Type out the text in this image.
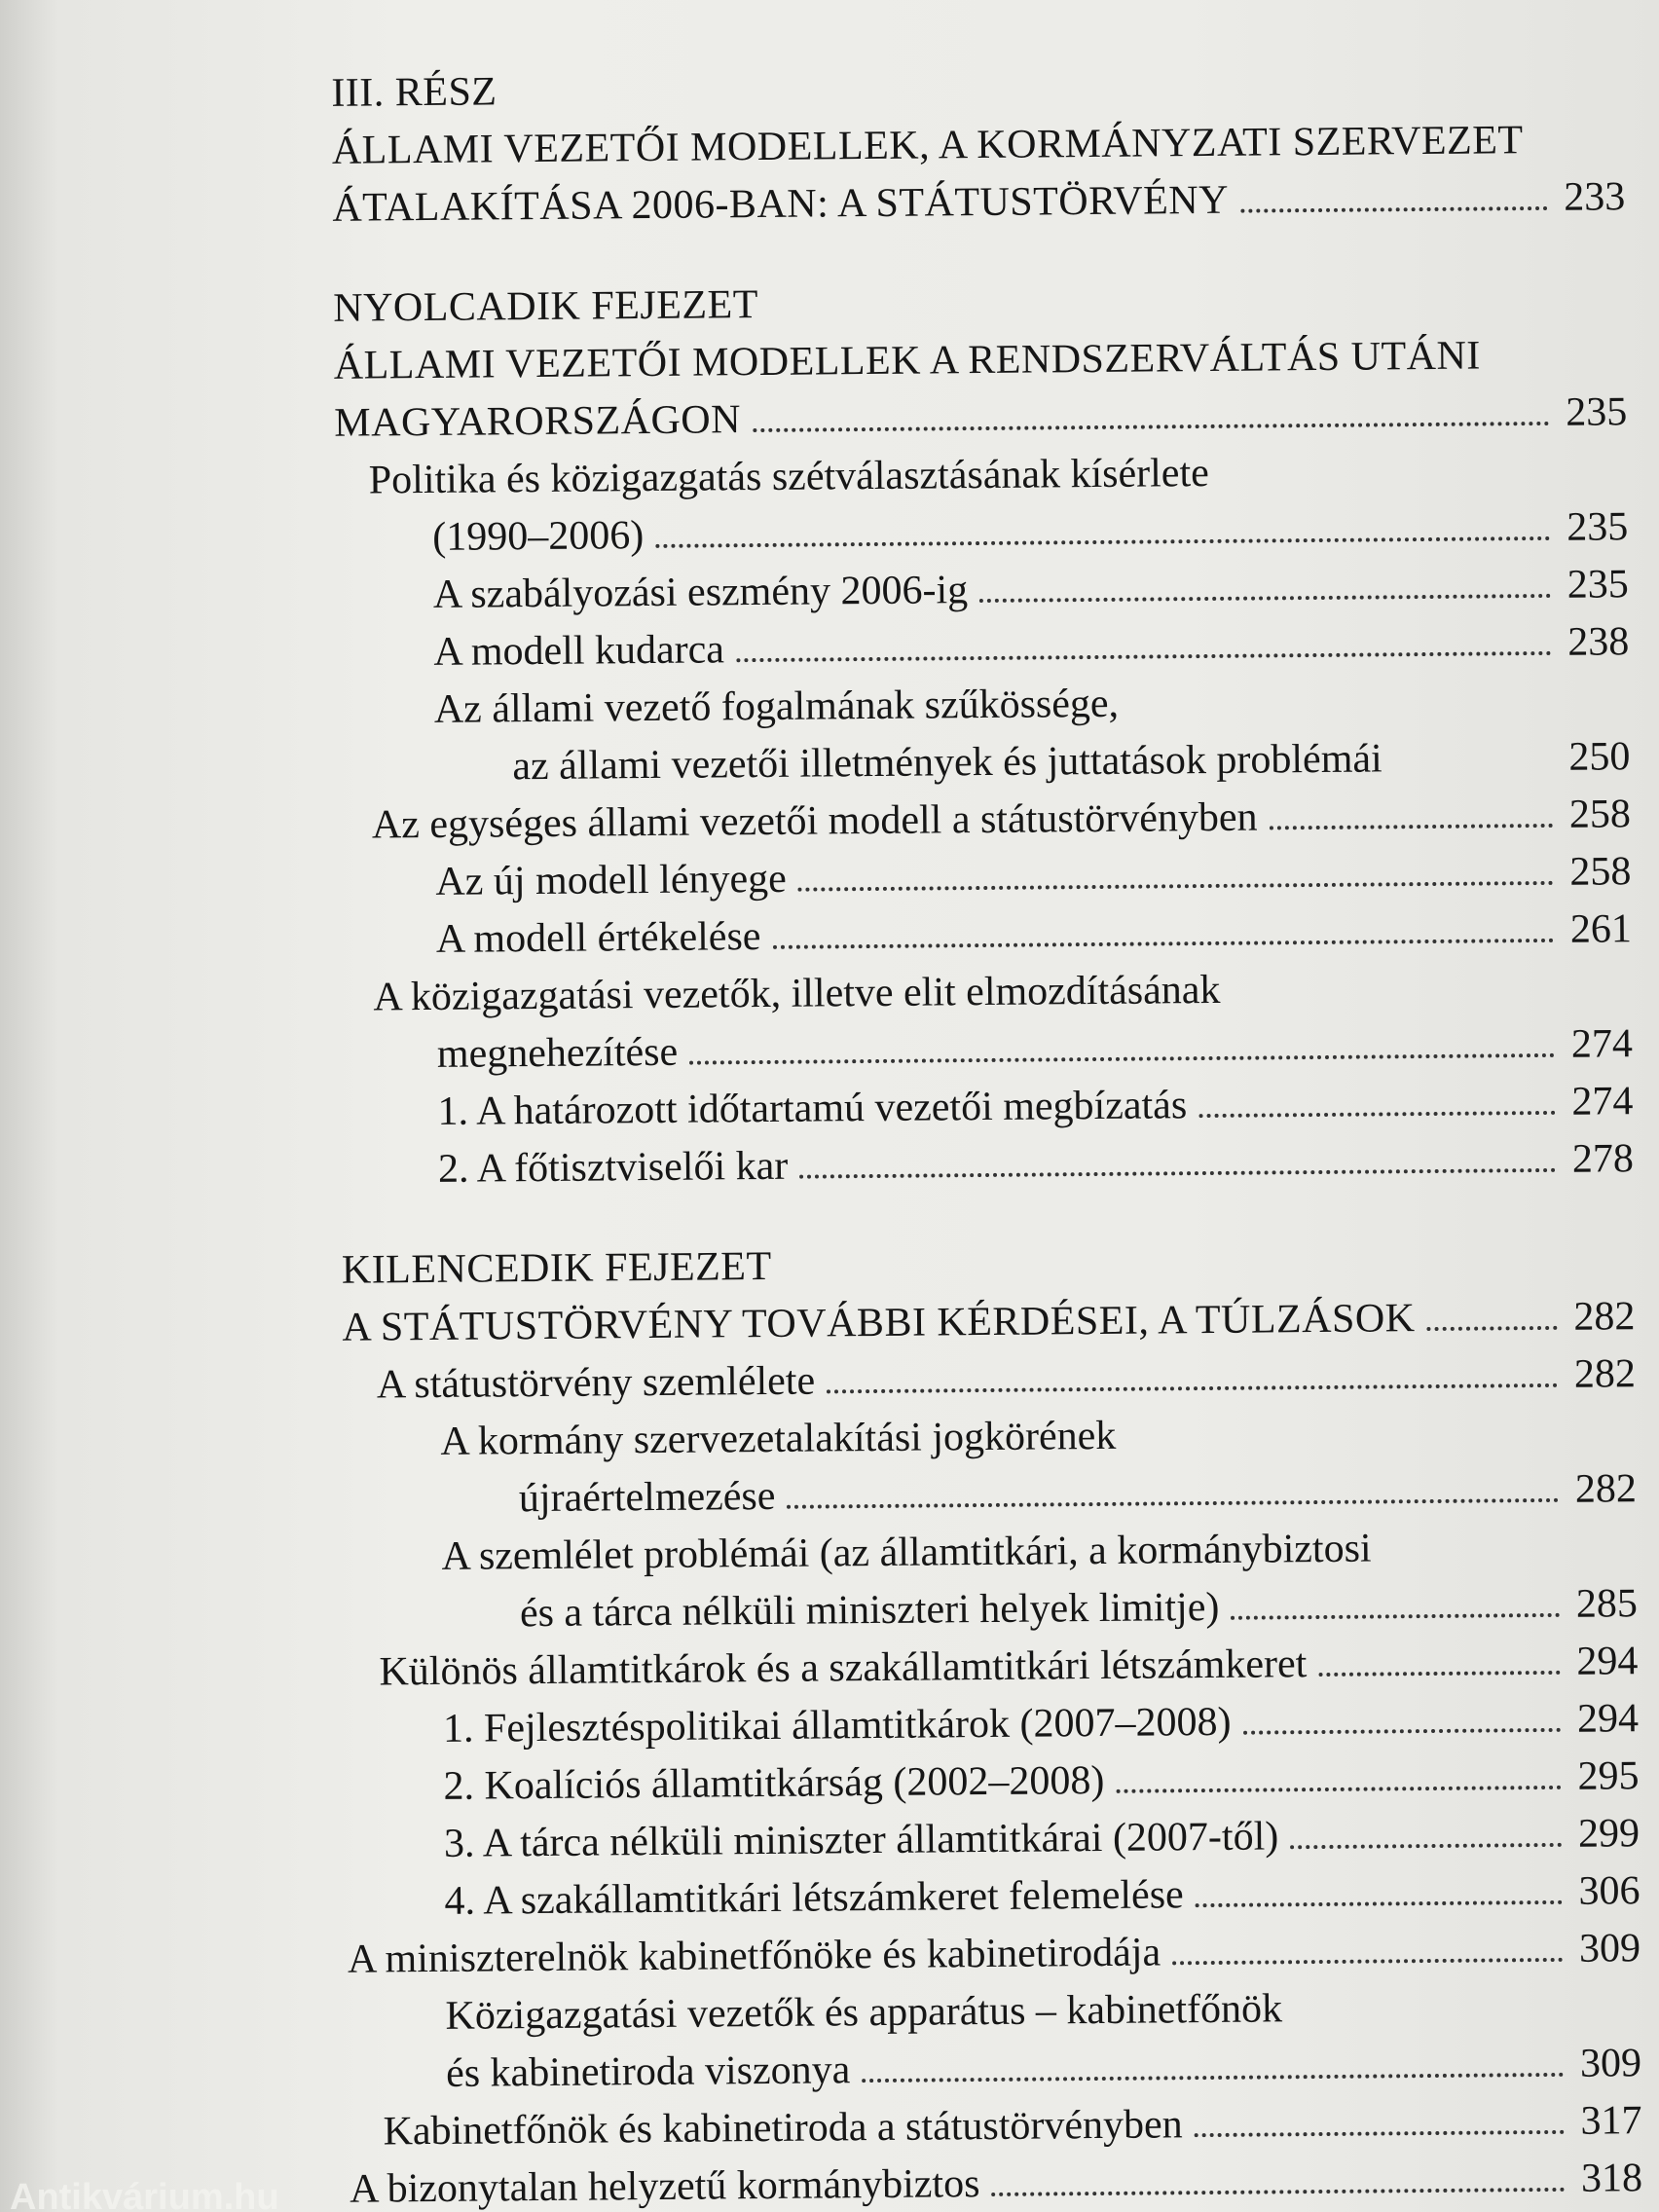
III. RÉSZ
ÁLLAMI VEZETŐI MODELLEK, A KORMÁNYZATI SZERVEZET
ÁTALAKÍTÁSA 2006-BAN: A STÁTUSTÖRVÉNY	233
NYOLCADIK FEJEZET
ÁLLAMI VEZETŐI MODELLEK A RENDSZERVÁLTÁS UTÁNI
MAGYARORSZÁGON	235
Politika és közigazgatás szétválasztásának kísérlete
(1990–2006)	235
A szabályozási eszmény 2006-ig	235
A modell kudarca	238
Az állami vezető fogalmának szűkössége,
az állami vezetői illetmények és juttatások problémái	250
Az egységes állami vezetői modell a státustörvényben	258
Az új modell lényege	258
A modell értékelése	261
A közigazgatási vezetők, illetve elit elmozdításának
megnehezítése	274
1. A határozott időtartamú vezetői megbízatás	274
2. A főtisztviselői kar	278
KILENCEDIK FEJEZET
A STÁTUSTÖRVÉNY TOVÁBBI KÉRDÉSEI, A TÚLZÁSOK	282
A státustörvény szemlélete	282
A kormány szervezetalakítási jogkörének
újraértelmezése	282
A szemlélet problémái (az államtitkári, a kormánybiztosi
és a tárca nélküli miniszteri helyek limitje)	285
Különös államtitkárok és a szakállamtitkári létszámkeret	294
1. Fejlesztéspolitikai államtitkárok (2007–2008)	294
2. Koalíciós államtitkárság (2002–2008)	295
3. A tárca nélküli miniszter államtitkárai (2007-től)	299
4. A szakállamtitkári létszámkeret felemelése	306
A miniszterelnök kabinetfőnöke és kabinetirodája	309
Közigazgatási vezetők és apparátus – kabinetfőnök
és kabinetiroda viszonya	309
Kabinetfőnök és kabinetiroda a státustörvényben	317
A bizonytalan helyzetű kormánybiztos	318
Antikvárium.hu
